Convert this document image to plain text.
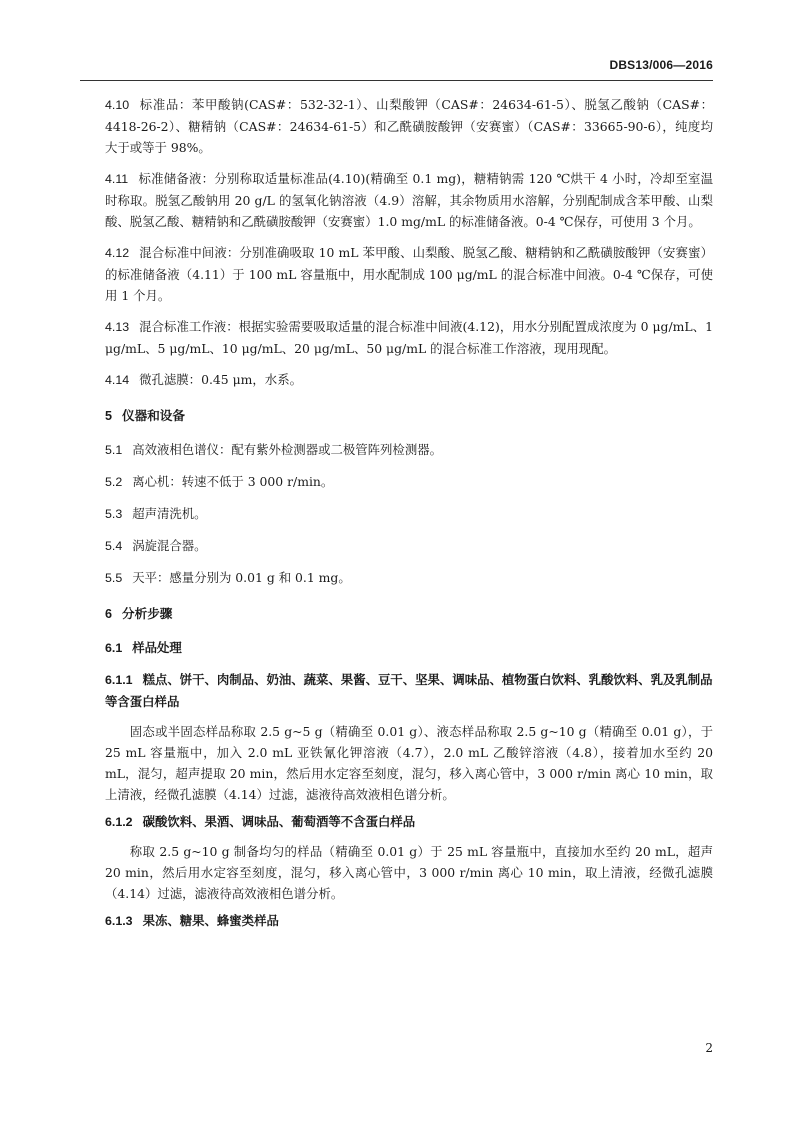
DBS13/006—2016

4.10 标准品：苯甲酸钠(CAS#：532-32-1）、山梨酸钾（CAS#：24634-61-5）、脱氢乙酸钠（CAS#：4418-26-2）、糖精钠（CAS#：24634-61-5）和乙酰磺胺酸钾（安赛蜜）（CAS#：33665-90-6），纯度均大于或等于 98%。

4.11 标准储备液：分别称取适量标准品(4.10)(精确至 0.1 mg)，糖精钠需 120 ℃烘干 4 小时，冷却至室温时称取。脱氢乙酸钠用 20 g/L 的氢氧化钠溶液（4.9）溶解，其余物质用水溶解，分别配制成含苯甲酸、山梨酸、脱氢乙酸、糖精钠和乙酰磺胺酸钾（安赛蜜）1.0 mg/mL 的标准储备液。0-4 ℃保存，可使用 3 个月。

4.12 混合标准中间液：分别准确吸取 10 mL 苯甲酸、山梨酸、脱氢乙酸、糖精钠和乙酰磺胺酸钾（安赛蜜）的标准储备液（4.11）于 100 mL 容量瓶中，用水配制成 100 μg/mL 的混合标准中间液。0-4 ℃保存，可使用 1 个月。

4.13 混合标准工作液：根据实验需要吸取适量的混合标准中间液(4.12)，用水分别配置成浓度为 0 μg/mL、1 μg/mL、5 μg/mL、10 μg/mL、20 μg/mL、50 μg/mL 的混合标准工作溶液，现用现配。

4.14 微孔滤膜：0.45 μm，水系。

5 仪器和设备

5.1 高效液相色谱仪：配有紫外检测器或二极管阵列检测器。

5.2 离心机：转速不低于 3 000 r/min。

5.3 超声清洗机。

5.4 涡旋混合器。

5.5 天平：感量分别为 0.01 g 和 0.1 mg。

6 分析步骤
6.1 样品处理
6.1.1 糕点、饼干、肉制品、奶油、蔬菜、果酱、豆干、坚果、调味品、植物蛋白饮料、乳酸饮料、乳及乳制品等含蛋白样品

固态或半固态样品称取 2.5 g~5 g（精确至 0.01 g）、液态样品称取 2.5 g~10 g（精确至 0.01 g），于 25 mL 容量瓶中，加入 2.0 mL 亚铁氰化钾溶液（4.7），2.0 mL 乙酸锌溶液（4.8），接着加水至约 20 mL，混匀，超声提取 20 min，然后用水定容至刻度，混匀，移入离心管中，3 000 r/min 离心 10 min，取上清液，经微孔滤膜（4.14）过滤，滤液待高效液相色谱分析。

6.1.2 碳酸饮料、果酒、调味品、葡萄酒等不含蛋白样品

称取 2.5 g~10 g 制备均匀的样品（精确至 0.01 g）于 25 mL 容量瓶中，直接加水至约 20 mL，超声 20 min，然后用水定容至刻度，混匀，移入离心管中，3 000 r/min 离心 10 min，取上清液，经微孔滤膜（4.14）过滤，滤液待高效液相色谱分析。

6.1.3 果冻、糖果、蜂蜜类样品
2
